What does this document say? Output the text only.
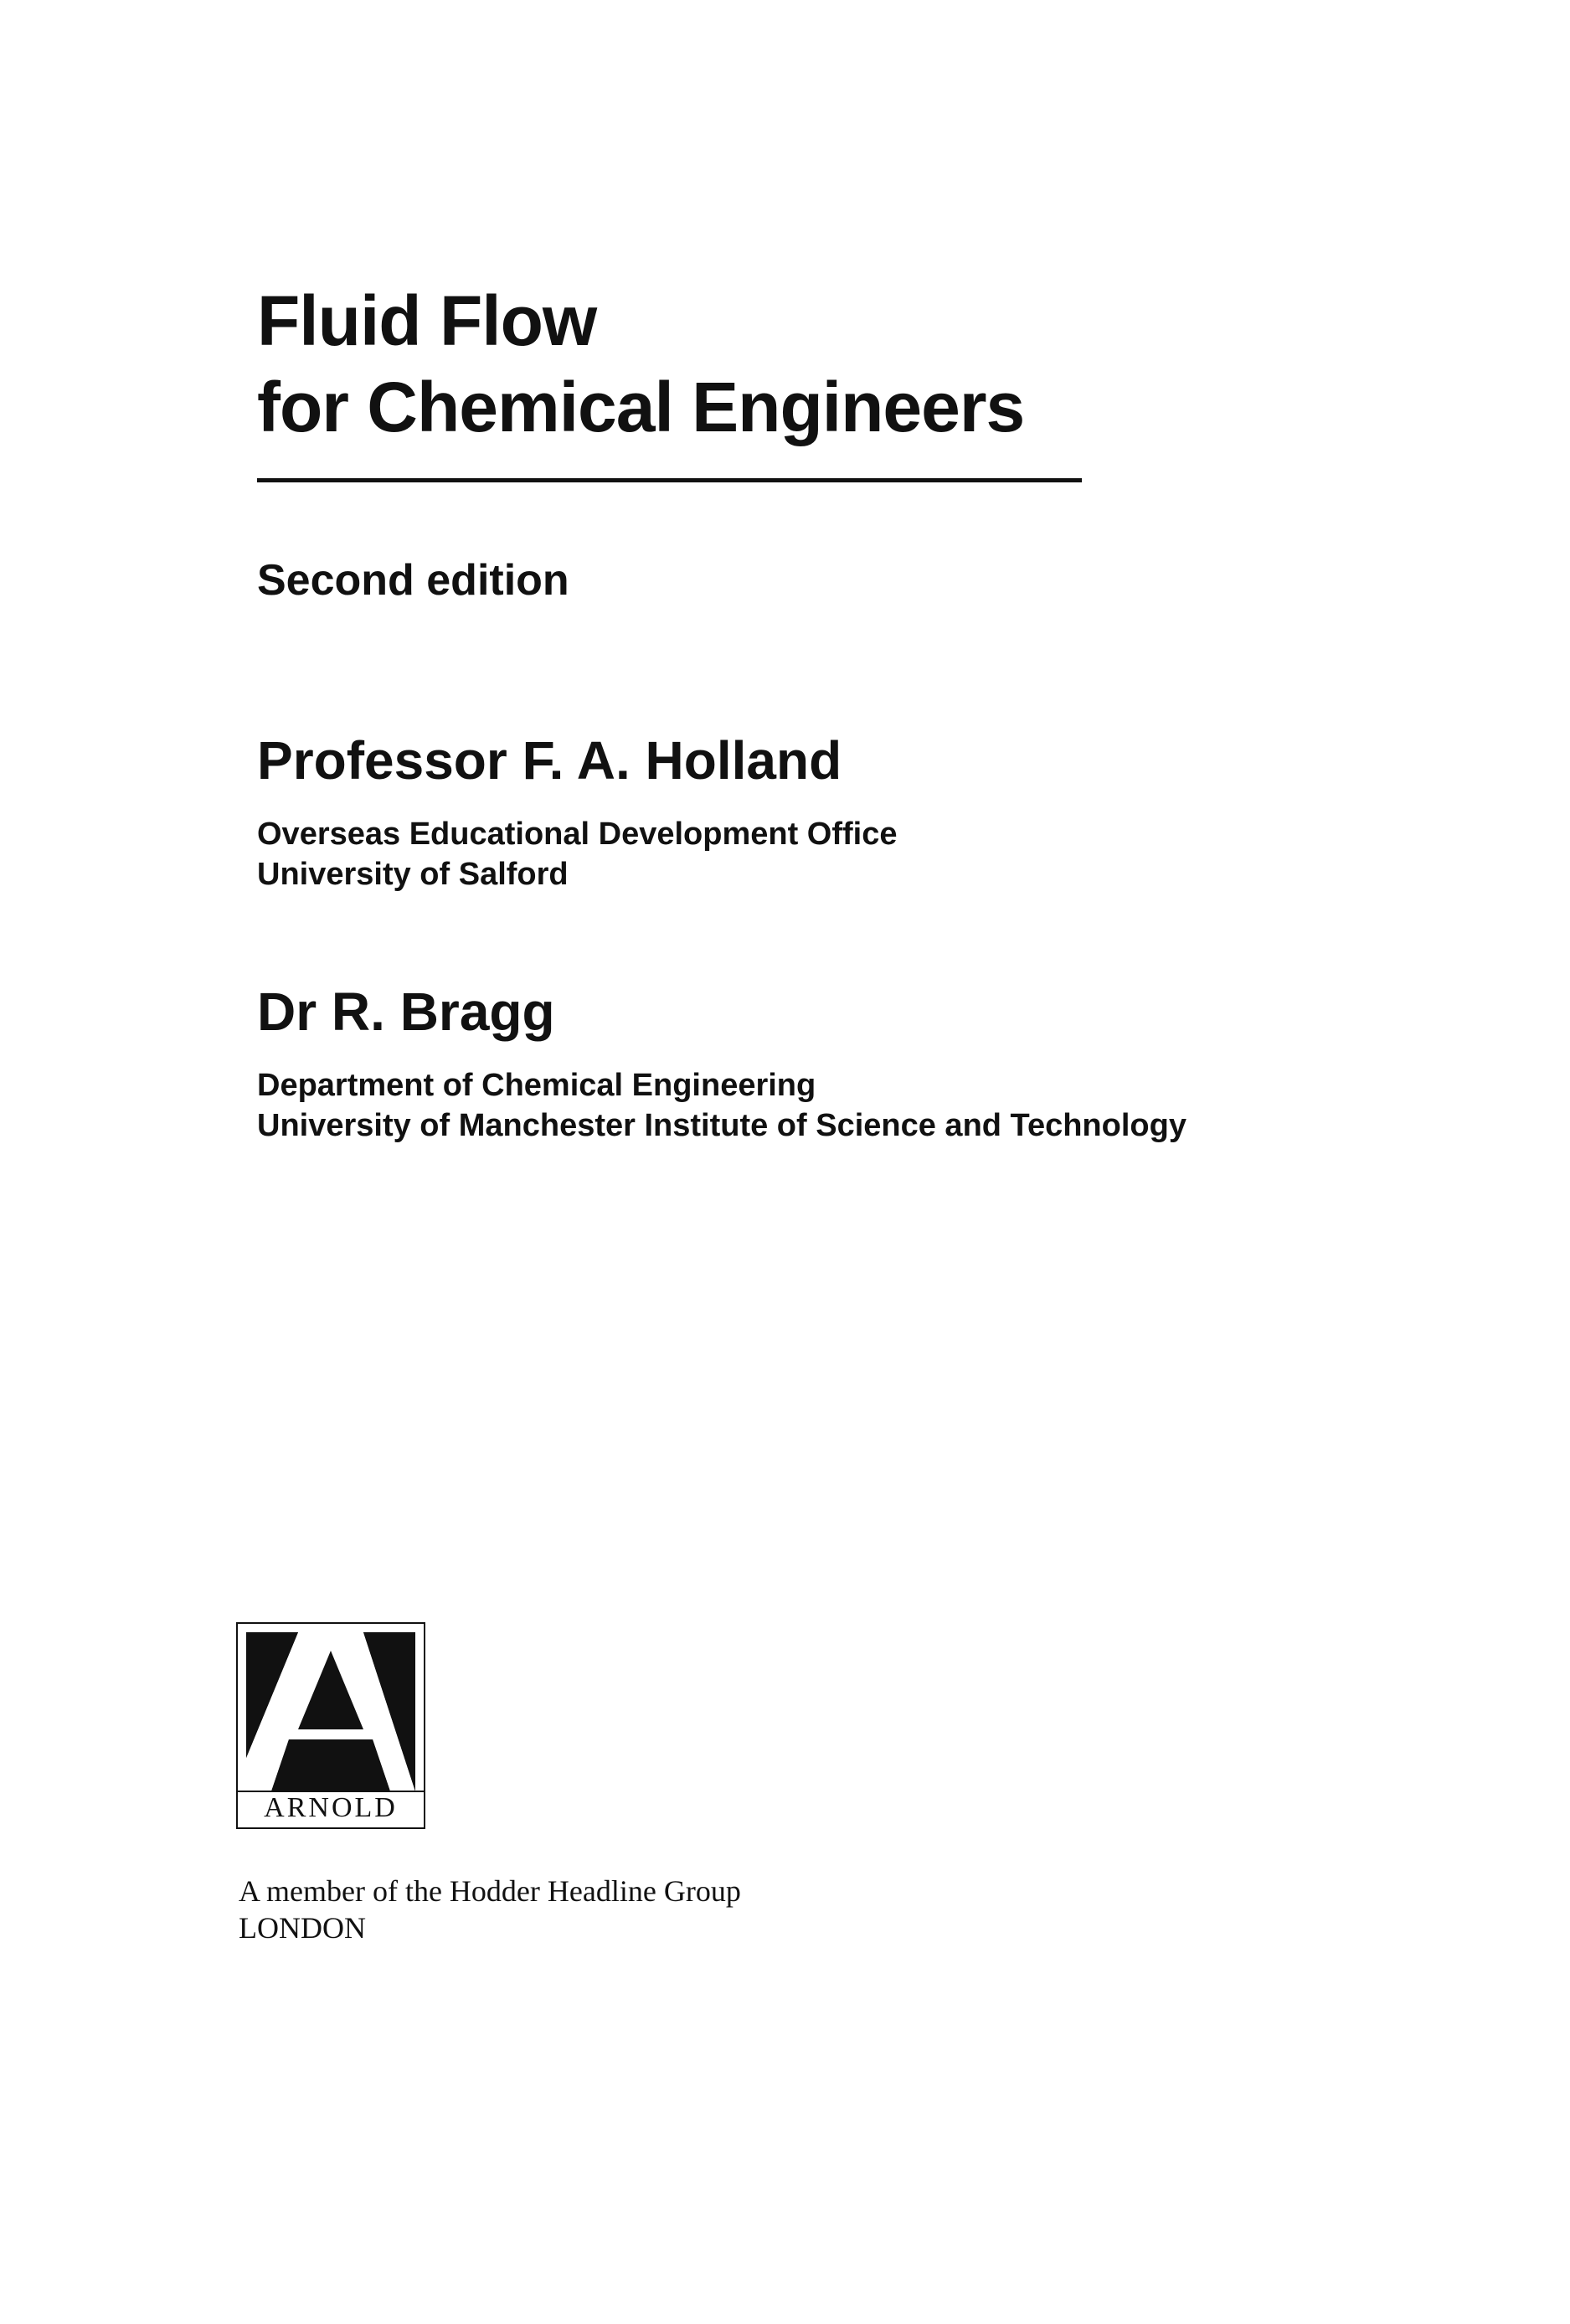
Fluid Flow
for Chemical Engineers
Second edition
Professor F. A. Holland
Overseas Educational Development Office
University of Salford
Dr R. Bragg
Department of Chemical Engineering
University of Manchester Institute of Science and Technology
ARNOLD
A member of the Hodder Headline Group
LONDON
